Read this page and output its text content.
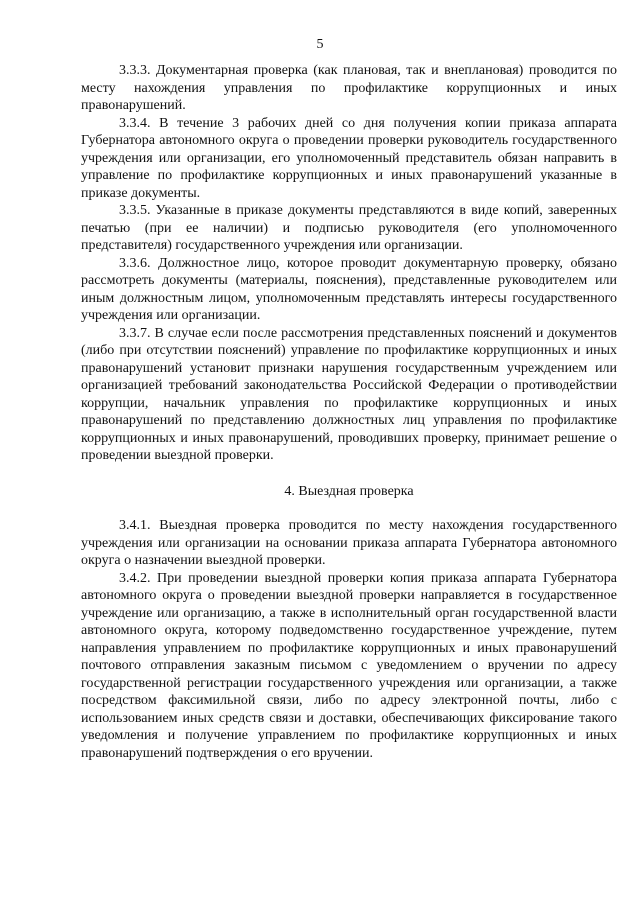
5

3.3.3. Документарная проверка (как плановая, так и внеплановая) проводится по месту нахождения управления по профилактике коррупционных и иных правонарушений.

3.3.4. В течение 3 рабочих дней со дня получения копии приказа аппарата Губернатора автономного округа о проведении проверки руководитель государственного учреждения или организации, его уполномоченный представитель обязан направить в управление по профилактике коррупционных и иных правонарушений указанные в приказе документы.

3.3.5. Указанные в приказе документы представляются в виде копий, заверенных печатью (при ее наличии) и подписью руководителя (его уполномоченного представителя) государственного учреждения или организации.

3.3.6. Должностное лицо, которое проводит документарную проверку, обязано рассмотреть документы (материалы, пояснения), представленные руководителем или иным должностным лицом, уполномоченным представлять интересы государственного учреждения или организации.

3.3.7. В случае если после рассмотрения представленных пояснений и документов (либо при отсутствии пояснений) управление по профилактике коррупционных и иных правонарушений установит признаки нарушения государственным учреждением или организацией требований законодательства Российской Федерации о противодействии коррупции, начальник управления по профилактике коррупционных и иных правонарушений по представлению должностных лиц управления по профилактике коррупционных и иных правонарушений, проводивших проверку, принимает решение о проведении выездной проверки.

4. Выездная проверка

3.4.1. Выездная проверка проводится по месту нахождения государственного учреждения или организации на основании приказа аппарата Губернатора автономного округа о назначении выездной проверки.

3.4.2. При проведении выездной проверки копия приказа аппарата Губернатора автономного округа о проведении выездной проверки направляется в государственное учреждение или организацию, а также в исполнительный орган государственной власти автономного округа, которому подведомственно государственное учреждение, путем направления управлением по профилактике коррупционных и иных правонарушений почтового отправления заказным письмом с уведомлением о вручении по адресу государственной регистрации государственного учреждения или организации, а также посредством факсимильной связи, либо по адресу электронной почты, либо с использованием иных средств связи и доставки, обеспечивающих фиксирование такого уведомления и получение управлением по профилактике коррупционных и иных правонарушений подтверждения о его вручении.
